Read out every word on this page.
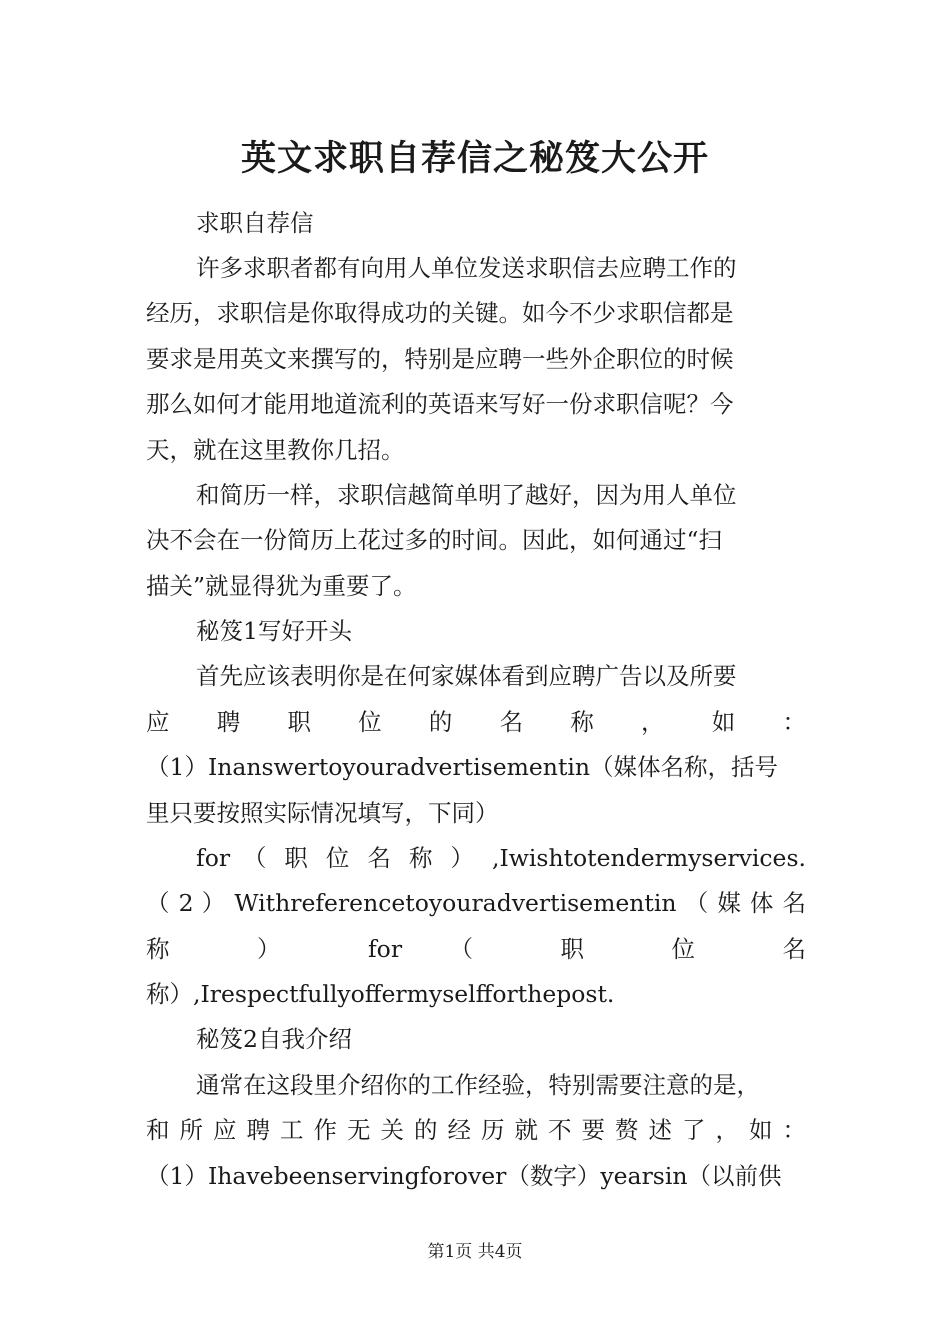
英文求职自荐信之秘笈大公开
求职自荐信
许多求职者都有向用人单位发送求职信去应聘工作的
经历，求职信是你取得成功的关键。如今不少求职信都是
要求是用英文来撰写的，特别是应聘一些外企职位的时候
那么如何才能用地道流利的英语来写好一份求职信呢？今
天，就在这里教你几招。
和简历一样，求职信越简单明了越好，因为用人单位
决不会在一份简历上花过多的时间。因此，如何通过“扫
描关”就显得犹为重要了。
秘笈1写好开头
首先应该表明你是在何家媒体看到应聘广告以及所要
应 聘 职 位 的 名 称 ， 如 ：
（1）Inanswertoyouradvertisementin（媒体名称，括号
里只要按照实际情况填写，下同）
for （ 职 位 名 称 ） ,Iwishtotendermyservices.
（ 2 ） Withreferencetoyouradvertisementin （ 媒 体 名
称 ） for （ 职 位 名
称）,Irespectfullyoffermyselfforthepost.
秘笈2自我介绍
通常在这段里介绍你的工作经验，特别需要注意的是，
和 所 应 聘 工 作 无 关 的 经 历 就 不 要 赘 述 了 ， 如 ：
（1）Ihavebeenservingforover（数字）yearsin（以前供
第1页 共4页
